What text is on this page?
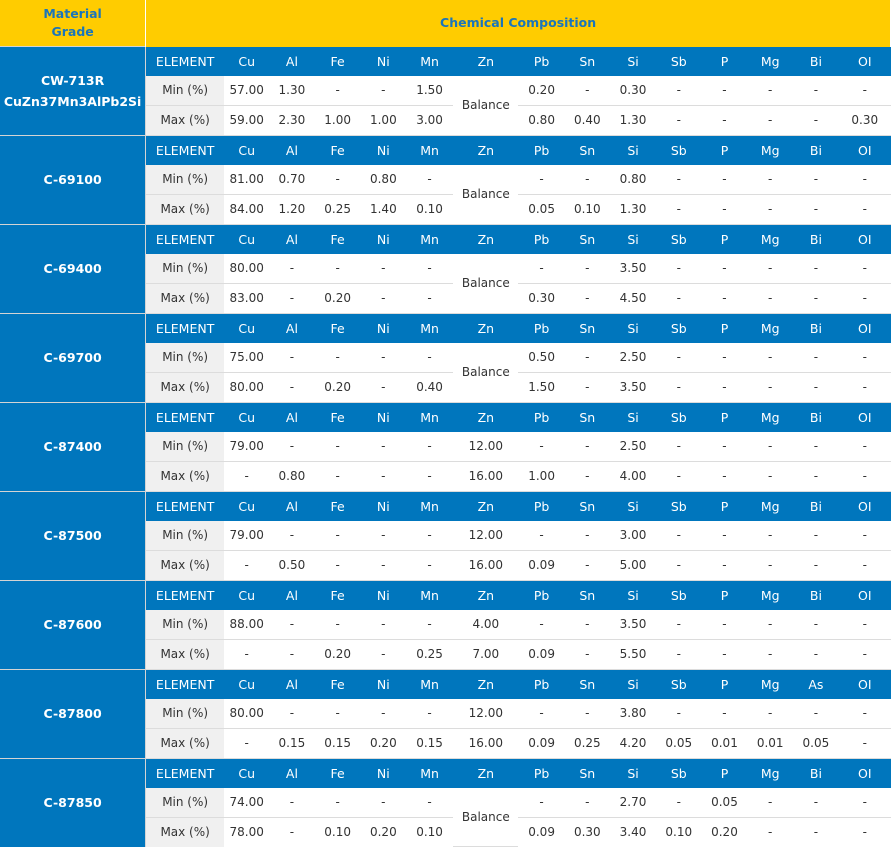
Material
Grade	Chemical Composition														
CW-713R
CuZn37Mn3AlPb2Si	ELEMENT	Cu	Al	Fe	Ni	Mn	Zn	Pb	Sn	Si	Sb	P	Mg	Bi	OI
	Min (%)	57.00	1.30	-	-	1.50	Balance	0.20	-	0.30	-	-	-	-	-
	Max (%)	59.00	2.30	1.00	1.00	3.00		0.80	0.40	1.30	-	-	-	-	0.30
C-69100	ELEMENT	Cu	Al	Fe	Ni	Mn	Zn	Pb	Sn	Si	Sb	P	Mg	Bi	OI
	Min (%)	81.00	0.70	-	0.80	-	Balance	-	-	0.80	-	-	-	-	-
	Max (%)	84.00	1.20	0.25	1.40	0.10		0.05	0.10	1.30	-	-	-	-	-
C-69400	ELEMENT	Cu	Al	Fe	Ni	Mn	Zn	Pb	Sn	Si	Sb	P	Mg	Bi	OI
	Min (%)	80.00	-	-	-	-	Balance	-	-	3.50	-	-	-	-	-
	Max (%)	83.00	-	0.20	-	-		0.30	-	4.50	-	-	-	-	-
C-69700	ELEMENT	Cu	Al	Fe	Ni	Mn	Zn	Pb	Sn	Si	Sb	P	Mg	Bi	OI
	Min (%)	75.00	-	-	-	-	Balance	0.50	-	2.50	-	-	-	-	-
	Max (%)	80.00	-	0.20	-	0.40		1.50	-	3.50	-	-	-	-	-
C-87400	ELEMENT	Cu	Al	Fe	Ni	Mn	Zn	Pb	Sn	Si	Sb	P	Mg	Bi	OI
	Min (%)	79.00	-	-	-	-	12.00	-	-	2.50	-	-	-	-	-
	Max (%)	-	0.80	-	-	-	16.00	1.00	-	4.00	-	-	-	-	-
C-87500	ELEMENT	Cu	Al	Fe	Ni	Mn	Zn	Pb	Sn	Si	Sb	P	Mg	Bi	OI
	Min (%)	79.00	-	-	-	-	12.00	-	-	3.00	-	-	-	-	-
	Max (%)	-	0.50	-	-	-	16.00	0.09	-	5.00	-	-	-	-	-
C-87600	ELEMENT	Cu	Al	Fe	Ni	Mn	Zn	Pb	Sn	Si	Sb	P	Mg	Bi	OI
	Min (%)	88.00	-	-	-	-	4.00	-	-	3.50	-	-	-	-	-
	Max (%)	-	-	0.20	-	0.25	7.00	0.09	-	5.50	-	-	-	-	-
C-87800	ELEMENT	Cu	Al	Fe	Ni	Mn	Zn	Pb	Sn	Si	Sb	P	Mg	As	OI
	Min (%)	80.00	-	-	-	-	12.00	-	-	3.80	-	-	-	-	-
	Max (%)	-	0.15	0.15	0.20	0.15	16.00	0.09	0.25	4.20	0.05	0.01	0.01	0.05	-
C-87850	ELEMENT	Cu	Al	Fe	Ni	Mn	Zn	Pb	Sn	Si	Sb	P	Mg	Bi	OI
	Min (%)	74.00	-	-	-	-	Balance	-	-	2.70	-	0.05	-	-	-
	Max (%)	78.00	-	0.10	0.20	0.10		0.09	0.30	3.40	0.10	0.20	-	-	-
